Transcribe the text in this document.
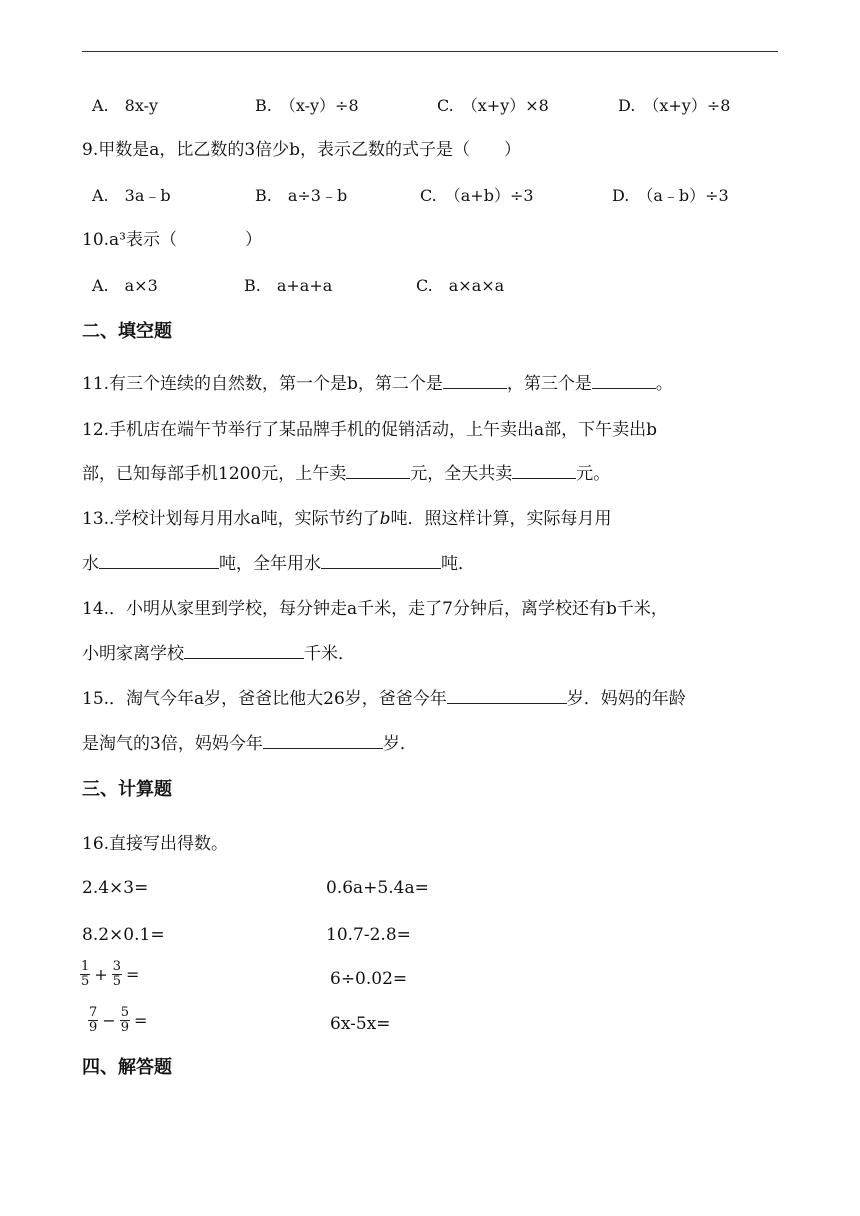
A.　8x-y	B.　（x-y）÷8	C.　（x+y）×8	D.　（x+y）÷8
9.甲数是a，比乙数的3倍少b，表示乙数的式子是（　　）
A.　3a﹣b	B.　a÷3﹣b	C.　（a+b）÷3	D.　（a﹣b）÷3
10.a³表示（　　　　）
A.　a×3	B.　a+a+a	C.　a×a×a
二、填空题
11.有三个连续的自然数，第一个是b，第二个是	，第三个是	。
12.手机店在端午节举行了某品牌手机的促销活动，上午卖出a部，下午卖出b
部，已知每部手机1200元，上午卖	元，全天共卖	元。
13..学校计划每月用水a吨，实际节约了b吨．照这样计算，实际每月用
水	吨，全年用水	吨．
14.．小明从家里到学校，每分钟走a千米，走了7分钟后，离学校还有b千米，
小明家离学校	千米．
15.．淘气今年a岁，爸爸比他大26岁，爸爸今年	岁．妈妈的年龄
是淘气的3倍，妈妈今年	岁．
三、计算题
16.直接写出得数。
2.4×3=	0.6a+5.4a=
8.2×0.1=	10.7-2.8=
$\frac{1}{5} + \frac{3}{5}$ =	6÷0.02=
$\frac{7}{9} - \frac{5}{9}$ =	6x-5x=
四、解答题
